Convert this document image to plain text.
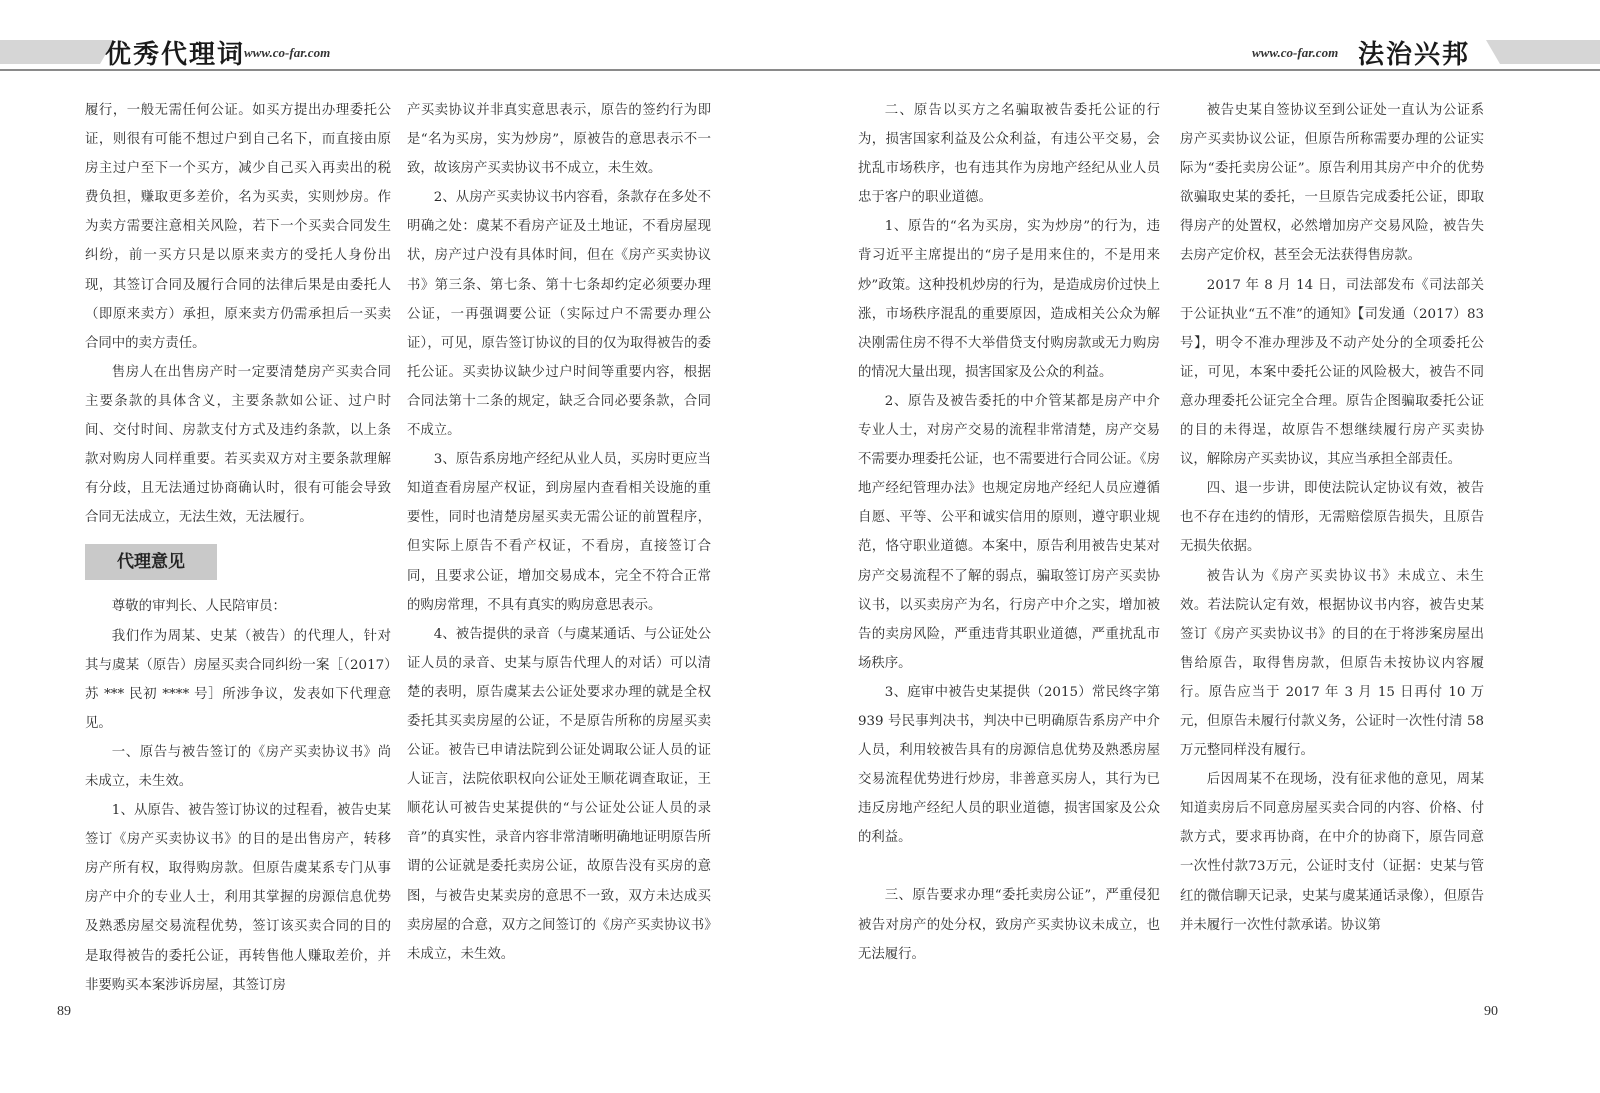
优秀代理词
www.co-far.com	www.co-far.com 法治兴邦

履行，一般无需任何公证。如买方提出办理委托公证，则很有可能不想过户到自己名下，而直接由原房主过户至下一个买方，减少自己买入再卖出的税费负担，赚取更多差价，名为买卖，实则炒房。作为卖方需要注意相关风险，若下一个买卖合同发生纠纷，前一买方只是以原来卖方的受托人身份出现，其签订合同及履行合同的法律后果是由委托人（即原来卖方）承担，原来卖方仍需承担后一买卖合同中的卖方责任。

售房人在出售房产时一定要清楚房产买卖合同主要条款的具体含义，主要条款如公证、过户时间、交付时间、房款支付方式及违约条款，以上条款对购房人同样重要。若买卖双方对主要条款理解有分歧，且无法通过协商确认时，很有可能会导致合同无法成立，无法生效，无法履行。

代理意见

尊敬的审判长、人民陪审员：

我们作为周某、史某（被告）的代理人，针对其与虞某（原告）房屋买卖合同纠纷一案［（2017）苏 *** 民初 **** 号］所涉争议，发表如下代理意见。

一、原告与被告签订的《房产买卖协议书》尚未成立，未生效。

1、从原告、被告签订协议的过程看，被告史某签订《房产买卖协议书》的目的是出售房产，转移房产所有权，取得购房款。但原告虞某系专门从事房产中介的专业人士，利用其掌握的房源信息优势及熟悉房屋交易流程优势，签订该买卖合同的目的是取得被告的委托公证，再转售他人赚取差价，并非要购买本案涉诉房屋，其签订房

产买卖协议并非真实意思表示，原告的签约行为即是“名为买房，实为炒房”，原被告的意思表示不一致，故该房产买卖协议书不成立，未生效。

2、从房产买卖协议书内容看，条款存在多处不明确之处：虞某不看房产证及土地证，不看房屋现状，房产过户没有具体时间，但在《房产买卖协议书》第三条、第七条、第十七条却约定必须要办理公证，一再强调要公证（实际过户不需要办理公证），可见，原告签订协议的目的仅为取得被告的委托公证。买卖协议缺少过户时间等重要内容，根据合同法第十二条的规定，缺乏合同必要条款，合同不成立。

3、原告系房地产经纪从业人员，买房时更应当知道查看房屋产权证，到房屋内查看相关设施的重要性，同时也清楚房屋买卖无需公证的前置程序，但实际上原告不看产权证，不看房，直接签订合同，且要求公证，增加交易成本，完全不符合正常的购房常理，不具有真实的购房意思表示。

4、被告提供的录音（与虞某通话、与公证处公证人员的录音、史某与原告代理人的对话）可以清楚的表明，原告虞某去公证处要求办理的就是全权委托其买卖房屋的公证，不是原告所称的房屋买卖公证。被告已申请法院到公证处调取公证人员的证人证言，法院依职权向公证处王顺花调查取证，王顺花认可被告史某提供的“与公证处公证人员的录音”的真实性，录音内容非常清晰明确地证明原告所谓的公证就是委托卖房公证，故原告没有买房的意图，与被告史某卖房的意思不一致，双方未达成买卖房屋的合意，双方之间签订的《房产买卖协议书》未成立，未生效。

二、原告以买方之名骗取被告委托公证的行为，损害国家利益及公众利益，有违公平交易，会扰乱市场秩序，也有违其作为房地产经纪从业人员忠于客户的职业道德。

1、原告的“名为买房，实为炒房”的行为，违背习近平主席提出的“房子是用来住的，不是用来炒”政策。这种投机炒房的行为，是造成房价过快上涨，市场秩序混乱的重要原因，造成相关公众为解决刚需住房不得不大举借贷支付购房款或无力购房的情况大量出现，损害国家及公众的利益。

2、原告及被告委托的中介管某都是房产中介专业人士，对房产交易的流程非常清楚，房产交易不需要办理委托公证，也不需要进行合同公证。《房地产经纪管理办法》也规定房地产经纪人员应遵循自愿、平等、公平和诚实信用的原则，遵守职业规范，恪守职业道德。本案中，原告利用被告史某对房产交易流程不了解的弱点，骗取签订房产买卖协议书，以买卖房产为名，行房产中介之实，增加被告的卖房风险，严重违背其职业道德，严重扰乱市场秩序。

3、庭审中被告史某提供（2015）常民终字第 939 号民事判决书，判决中已明确原告系房产中介人员，利用较被告具有的房源信息优势及熟悉房屋交易流程优势进行炒房，非善意买房人，其行为已违反房地产经纪人员的职业道德，损害国家及公众的利益。

三、原告要求办理“委托卖房公证”，严重侵犯被告对房产的处分权，致房产买卖协议未成立，也无法履行。

被告史某自签协议至到公证处一直认为公证系房产买卖协议公证，但原告所称需要办理的公证实际为“委托卖房公证”。原告利用其房产中介的优势欲骗取史某的委托，一旦原告完成委托公证，即取得房产的处置权，必然增加房产交易风险，被告失去房产定价权，甚至会无法获得售房款。

2017 年 8 月 14 日，司法部发布《司法部关于公证执业“五不准”的通知》【司发通（2017）83 号】，明令不准办理涉及不动产处分的全项委托公证，可见，本案中委托公证的风险极大，被告不同意办理委托公证完全合理。原告企图骗取委托公证的目的未得逞，故原告不想继续履行房产买卖协议，解除房产买卖协议，其应当承担全部责任。

四、退一步讲，即使法院认定协议有效，被告也不存在违约的情形，无需赔偿原告损失，且原告无损失依据。

被告认为《房产买卖协议书》未成立、未生效。若法院认定有效，根据协议书内容，被告史某签订《房产买卖协议书》的目的在于将涉案房屋出售给原告，取得售房款，但原告未按协议内容履行。原告应当于 2017 年 3 月 15 日再付 10 万元，但原告未履行付款义务，公证时一次性付清 58 万元整同样没有履行。

后因周某不在现场，没有征求他的意见，周某知道卖房后不同意房屋买卖合同的内容、价格、付款方式，要求再协商，在中介的协商下，原告同意一次性付款73万元，公证时支付（证据：史某与管红的微信聊天记录，史某与虞某通话录像），但原告并未履行一次性付款承诺。协议第

89	90
